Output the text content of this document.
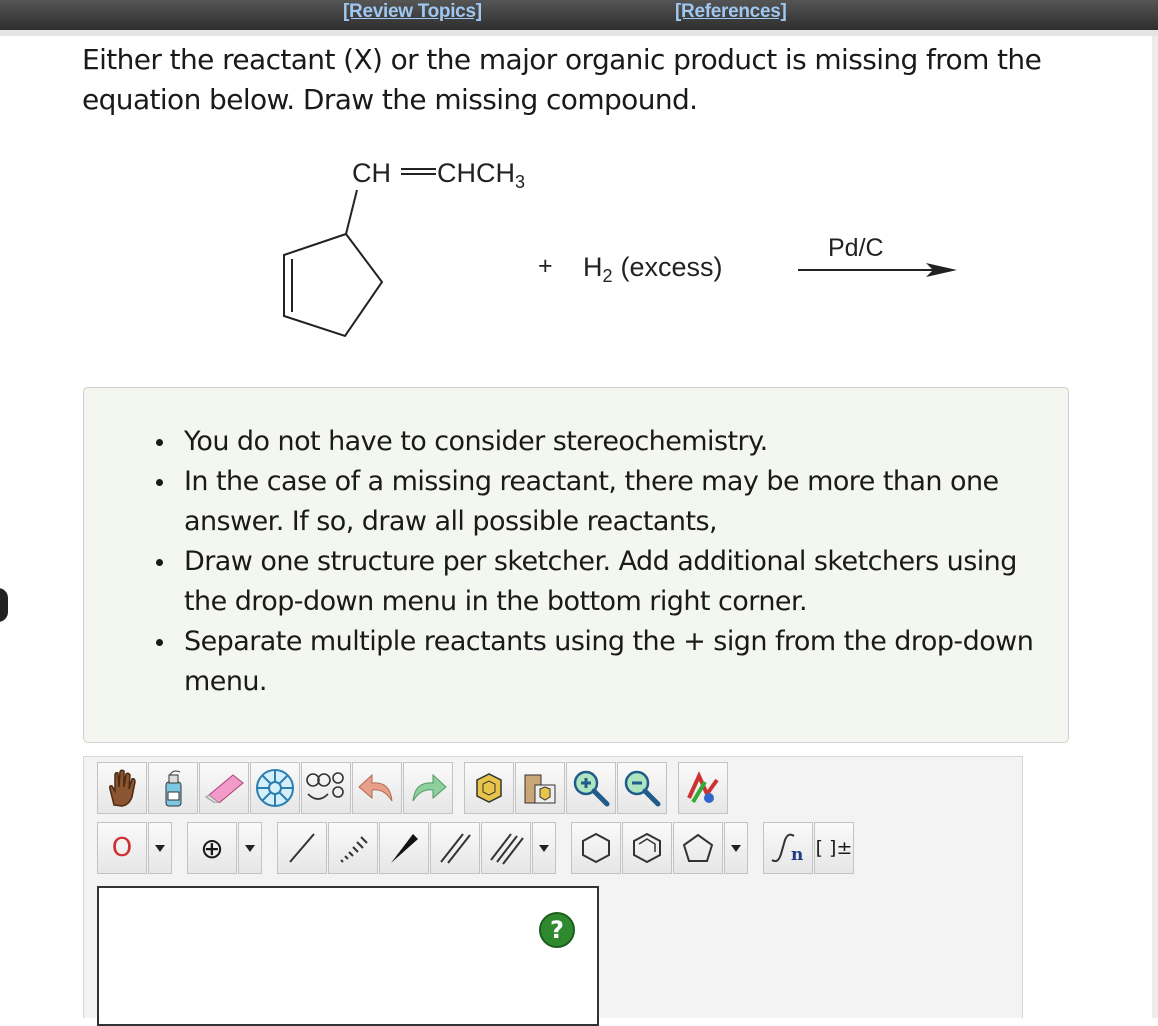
[Review Topics]	[References]
Either the reactant (X) or the major organic product is missing from the equation below. Draw the missing compound.
CH $CHCH_3$
+ $H_2$ (excess)
Pd/C
You do not have to consider stereochemistry.
In the case of a missing reactant, there may be more than one answer. If so, draw all possible reactants,
Draw one structure per sketcher. Add additional sketchers using the drop-down menu in the bottom right corner.
Separate multiple reactants using the + sign from the drop-down menu.
O ⊕	n [ ]±
?
